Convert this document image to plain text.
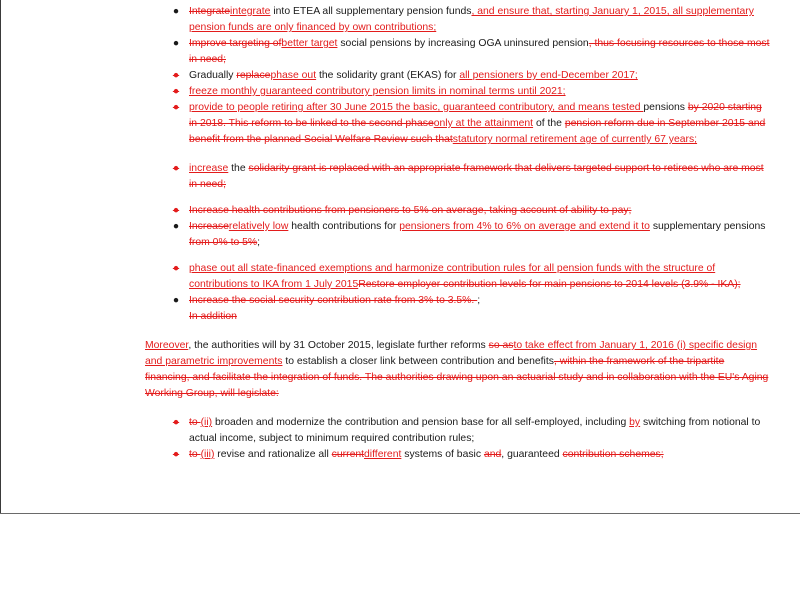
● Integrateintegrate into ETEA all supplementary pension funds, and ensure that, starting January 1, 2015, all supplementary pension funds are only financed by own contributions;
● Improve targeting ofbetter target social pensions by increasing OGA uninsured pension, thus focusing resources to those most in need;
● Gradually replacephase out the solidarity grant (EKAS) for all pensioners by end-December 2017;
● freeze monthly guaranteed contributory pension limits in nominal terms until 2021;
● provide to people retiring after 30 June 2015 the basic, guaranteed contributory, and means tested pensions by 2020 starting in 2018. This reform to be linked to the second phaseonly at the attainment of the pension reform due in September 2015 and benefit from the planned Social Welfare Review such thatstatutory normal retirement age of currently 67 years;
● increase the solidarity grant is replaced with an appropriate framework that delivers targeted support to retirees who are most in need;
● Increase health contributions from pensioners to 5% on average, taking account of ability to pay;
● Increaserelatively low health contributions for pensioners from 4% to 6% on average and extend it to supplementary pensions from 0% to 5%;
● phase out all state-financed exemptions and harmonize contribution rules for all pension funds with the structure of contributions to IKA from 1 July 2015Restore employer contribution levels for main pensions to 2014 levels (3.9% - IKA);
● Increase the social security contribution rate from 3% to 3.5%. ;
In addition

Moreover, the authorities will by 31 October 2015, legislate further reforms so asto take effect from January 1, 2016 (i) specific design and parametric improvements to establish a closer link between contribution and benefits, within the framework of the tripartite financing, and facilitate the integration of funds. The authorities drawing upon an actuarial study and in collaboration with the EU's Aging Working Group, will legislate:

● to (ii) broaden and modernize the contribution and pension base for all self-employed, including by switching from notional to actual income, subject to minimum required contribution rules;
● to (iii) revise and rationalize all currentdifferent systems of basic and, guaranteed contribution schemes;
